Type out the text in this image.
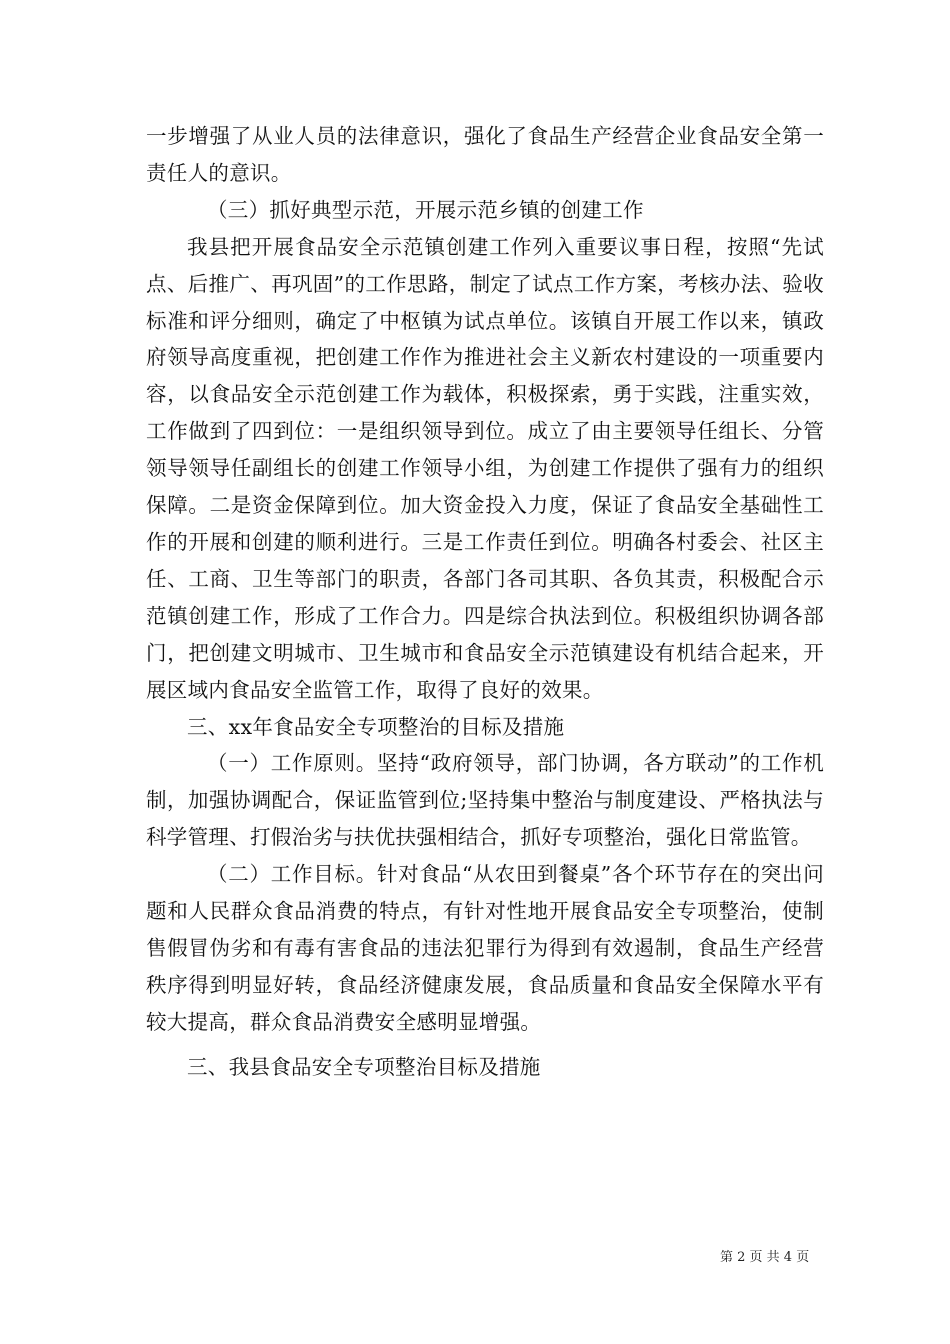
一步增强了从业人员的法律意识，强化了食品生产经营企业食品安全第一责任人的意识。

（三）抓好典型示范，开展示范乡镇的创建工作

我县把开展食品安全示范镇创建工作列入重要议事日程，按照“先试点、后推广、再巩固”的工作思路，制定了试点工作方案，考核办法、验收标准和评分细则，确定了中枢镇为试点单位。该镇自开展工作以来，镇政府领导高度重视，把创建工作作为推进社会主义新农村建设的一项重要内容，以食品安全示范创建工作为载体，积极探索，勇于实践，注重实效，工作做到了四到位：一是组织领导到位。成立了由主要领导任组长、分管领导领导任副组长的创建工作领导小组，为创建工作提供了强有力的组织保障。二是资金保障到位。加大资金投入力度，保证了食品安全基础性工作的开展和创建的顺利进行。三是工作责任到位。明确各村委会、社区主任、工商、卫生等部门的职责，各部门各司其职、各负其责，积极配合示范镇创建工作，形成了工作合力。四是综合执法到位。积极组织协调各部门，把创建文明城市、卫生城市和食品安全示范镇建设有机结合起来，开展区域内食品安全监管工作，取得了良好的效果。

三、xx年食品安全专项整治的目标及措施

（一）工作原则。坚持“政府领导，部门协调，各方联动”的工作机制，加强协调配合，保证监管到位;坚持集中整治与制度建设、严格执法与科学管理、打假治劣与扶优扶强相结合，抓好专项整治，强化日常监管。

（二）工作目标。针对食品“从农田到餐桌”各个环节存在的突出问题和人民群众食品消费的特点，有针对性地开展食品安全专项整治，使制售假冒伪劣和有毒有害食品的违法犯罪行为得到有效遏制，食品生产经营秩序得到明显好转，食品经济健康发展，食品质量和食品安全保障水平有较大提高，群众食品消费安全感明显增强。

三、我县食品安全专项整治目标及措施

第 2 页 共 4 页
